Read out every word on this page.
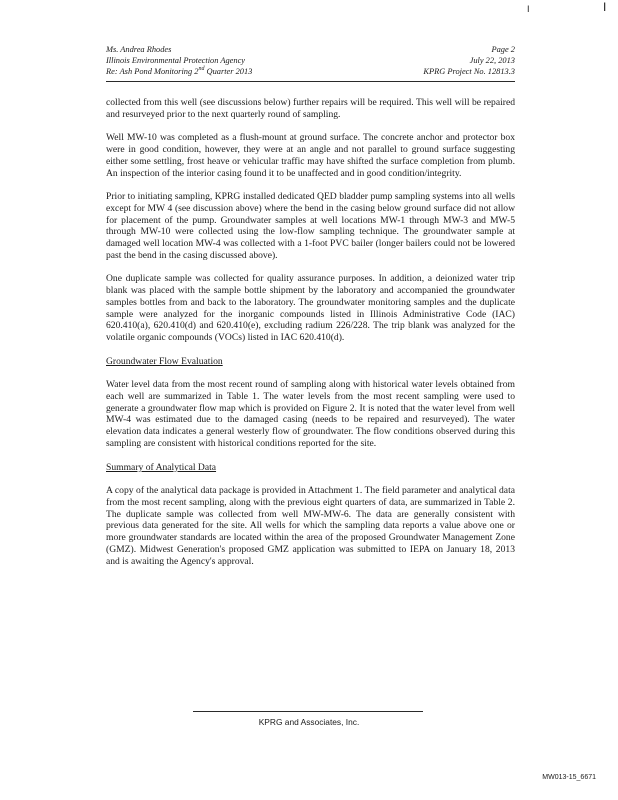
I	I
Ms. Andrea Rhodes	Page 2
Illinois Environmental Protection Agency	July 22, 2013
Re: Ash Pond Monitoring 2nd Quarter 2013	KPRG Project No. 12813.3

collected from this well (see discussions below) further repairs will be required. This well will be repaired and resurveyed prior to the next quarterly round of sampling.

Well MW-10 was completed as a flush-mount at ground surface. The concrete anchor and protector box were in good condition, however, they were at an angle and not parallel to ground surface suggesting either some settling, frost heave or vehicular traffic may have shifted the surface completion from plumb. An inspection of the interior casing found it to be unaffected and in good condition/integrity.

Prior to initiating sampling, KPRG installed dedicated QED bladder pump sampling systems into all wells except for MW 4 (see discussion above) where the bend in the casing below ground surface did not allow for placement of the pump. Groundwater samples at well locations MW-1 through MW-3 and MW-5 through MW-10 were collected using the low-flow sampling technique. The groundwater sample at damaged well location MW-4 was collected with a 1-foot PVC bailer (longer bailers could not be lowered past the bend in the casing discussed above).

One duplicate sample was collected for quality assurance purposes. In addition, a deionized water trip blank was placed with the sample bottle shipment by the laboratory and accompanied the groundwater samples bottles from and back to the laboratory. The groundwater monitoring samples and the duplicate sample were analyzed for the inorganic compounds listed in Illinois Administrative Code (IAC) 620.410(a), 620.410(d) and 620.410(e), excluding radium 226/228. The trip blank was analyzed for the volatile organic compounds (VOCs) listed in IAC 620.410(d).

Groundwater Flow Evaluation

Water level data from the most recent round of sampling along with historical water levels obtained from each well are summarized in Table 1. The water levels from the most recent sampling were used to generate a groundwater flow map which is provided on Figure 2. It is noted that the water level from well MW-4 was estimated due to the damaged casing (needs to be repaired and resurveyed). The water elevation data indicates a general westerly flow of groundwater. The flow conditions observed during this sampling are consistent with historical conditions reported for the site.

Summary of Analytical Data

A copy of the analytical data package is provided in Attachment 1. The field parameter and analytical data from the most recent sampling, along with the previous eight quarters of data, are summarized in Table 2. The duplicate sample was collected from well MW-MW-6. The data are generally consistent with previous data generated for the site. All wells for which the sampling data reports a value above one or more groundwater standards are located within the area of the proposed Groundwater Management Zone (GMZ). Midwest Generation's proposed GMZ application was submitted to IEPA on January 18, 2013 and is awaiting the Agency's approval.

KPRG and Associates, Inc.
MW013-15_6671
